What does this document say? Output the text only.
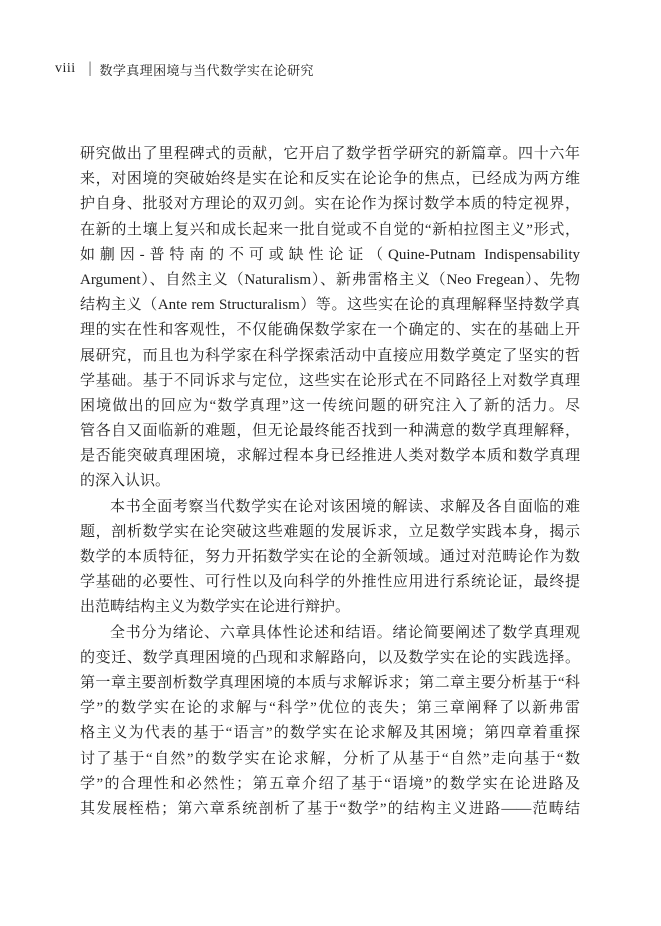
viii | 数学真理困境与当代数学实在论研究
研究做出了里程碑式的贡献，它开启了数学哲学研究的新篇章。四十六年
来，对困境的突破始终是实在论和反实在论论争的焦点，已经成为两方维
护自身、批驳对方理论的双刃剑。实在论作为探讨数学本质的特定视界，
在新的土壤上复兴和成长起来一批自觉或不自觉的“新柏拉图主义”形式，
如蒯因-普特南的不可或缺性论证（Quine-Putnam Indispensability
Argument）、自然主义（Naturalism）、新弗雷格主义（Neo Fregean）、先物
结构主义（Ante rem Structuralism）等。这些实在论的真理解释坚持数学真
理的实在性和客观性，不仅能确保数学家在一个确定的、实在的基础上开
展研究，而且也为科学家在科学探索活动中直接应用数学奠定了坚实的哲
学基础。基于不同诉求与定位，这些实在论形式在不同路径上对数学真理
困境做出的回应为“数学真理”这一传统问题的研究注入了新的活力。尽
管各自又面临新的难题，但无论最终能否找到一种满意的数学真理解释，
是否能突破真理困境，求解过程本身已经推进人类对数学本质和数学真理
的深入认识。
本书全面考察当代数学实在论对该困境的解读、求解及各自面临的难
题，剖析数学实在论突破这些难题的发展诉求，立足数学实践本身，揭示
数学的本质特征，努力开拓数学实在论的全新领域。通过对范畴论作为数
学基础的必要性、可行性以及向科学的外推性应用进行系统论证，最终提
出范畴结构主义为数学实在论进行辩护。
全书分为绪论、六章具体性论述和结语。绪论简要阐述了数学真理观
的变迁、数学真理困境的凸现和求解路向，以及数学实在论的实践选择。
第一章主要剖析数学真理困境的本质与求解诉求；第二章主要分析基于“科
学”的数学实在论的求解与“科学”优位的丧失；第三章阐释了以新弗雷
格主义为代表的基于“语言”的数学实在论求解及其困境；第四章着重探
讨了基于“自然”的数学实在论求解，分析了从基于“自然”走向基于“数
学”的合理性和必然性；第五章介绍了基于“语境”的数学实在论进路及
其发展桎梏；第六章系统剖析了基于“数学”的结构主义进路——范畴结
